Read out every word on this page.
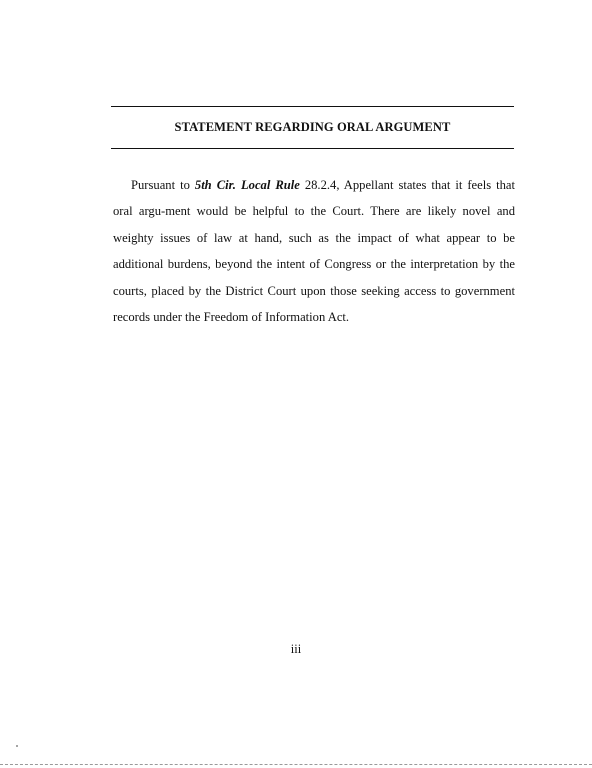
STATEMENT REGARDING ORAL ARGUMENT

Pursuant to 5th Cir. Local Rule 28.2.4, Appellant states that it feels that oral argu-ment would be helpful to the Court. There are likely novel and weighty issues of law at hand, such as the impact of what appear to be additional burdens, beyond the intent of Congress or the interpretation by the courts, placed by the District Court upon those seeking access to government records under the Freedom of Information Act.

iii
